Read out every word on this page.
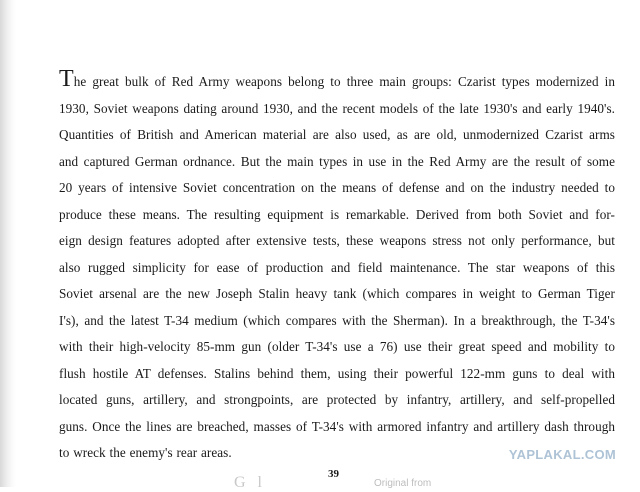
The great bulk of Red Army weapons belong to three main groups: Czarist types modernized in
1930, Soviet weapons dating around 1930, and the recent models of the late 1930's and early 1940's.
Quantities of British and American material are also used, as are old, unmodernized Czarist arms
and captured German ordnance. But the main types in use in the Red Army are the result of some
20 years of intensive Soviet concentration on the means of defense and on the industry needed to
produce these means. The resulting equipment is remarkable. Derived from both Soviet and for-
eign design features adopted after extensive tests, these weapons stress not only performance, but
also rugged simplicity for ease of production and field maintenance. The star weapons of this
Soviet arsenal are the new Joseph Stalin heavy tank (which compares in weight to German Tiger
I's), and the latest T-34 medium (which compares with the Sherman). In a breakthrough, the T-34's
with their high-velocity 85-mm gun (older T-34's use a 76) use their great speed and mobility to
flush hostile AT defenses. Stalins behind them, using their powerful 122-mm guns to deal with
located guns, artillery, and strongpoints, are protected by infantry, artillery, and self-propelled
guns. Once the lines are breached, masses of T-34's with armored infantry and artillery dash through
to wreck the enemy's rear areas.
39
G l	Original from
YAPLAKAL.COM
